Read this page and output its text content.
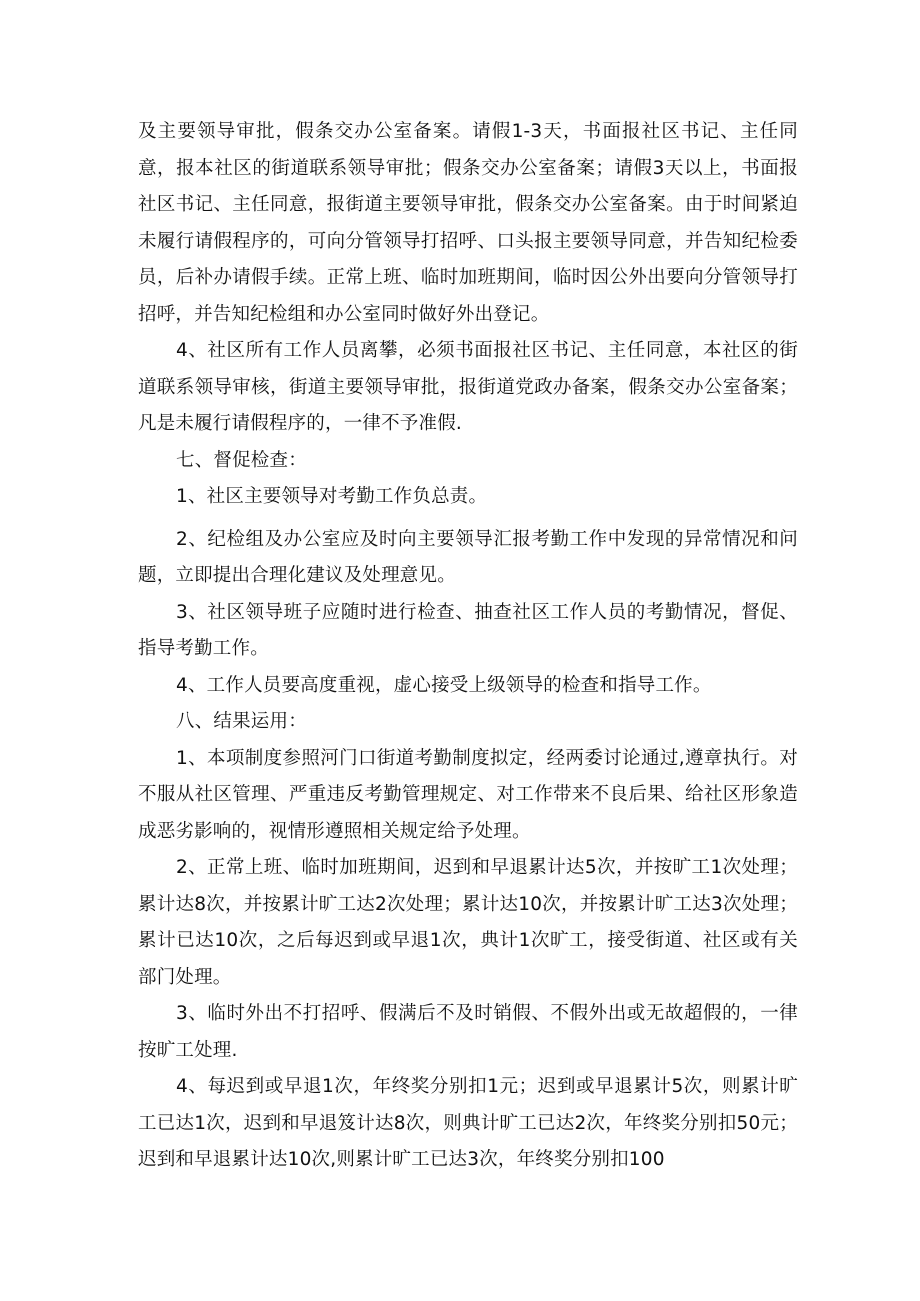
及主要领导审批，假条交办公室备案。请假1-3天，书面报社区书记、主任同意，报本社区的街道联系领导审批；假条交办公室备案；请假3天以上，书面报社区书记、主任同意，报街道主要领导审批，假条交办公室备案。由于时间紧迫未履行请假程序的，可向分管领导打招呼、口头报主要领导同意，并告知纪检委员，后补办请假手续。正常上班、临时加班期间，临时因公外出要向分管领导打招呼，并告知纪检组和办公室同时做好外出登记。

4、社区所有工作人员离攀，必须书面报社区书记、主任同意，本社区的街道联系领导审核，街道主要领导审批，报街道党政办备案，假条交办公室备案；凡是未履行请假程序的，一律不予准假.

七、督促检查：

1、社区主要领导对考勤工作负总责。

2、纪检组及办公室应及时向主要领导汇报考勤工作中发现的异常情况和问题，立即提出合理化建议及处理意见。

3、社区领导班子应随时进行检查、抽查社区工作人员的考勤情况，督促、指导考勤工作。

4、工作人员要高度重视，虚心接受上级领导的检查和指导工作。

八、结果运用：

1、本项制度参照河门口街道考勤制度拟定，经两委讨论通过,遵章执行。对不服从社区管理、严重违反考勤管理规定、对工作带来不良后果、给社区形象造成恶劣影响的，视情形遵照相关规定给予处理。

2、正常上班、临时加班期间，迟到和早退累计达5次，并按旷工1次处理；累计达8次，并按累计旷工达2次处理；累计达10次，并按累计旷工达3次处理；累计已达10次，之后每迟到或早退1次，典计1次旷工，接受街道、社区或有关部门处理。

3、临时外出不打招呼、假满后不及时销假、不假外出或无故超假的，一律按旷工处理.

4、每迟到或早退1次，年终奖分别扣1元；迟到或早退累计5次，则累计旷工已达1次，迟到和早退笈计达8次，则典计旷工已达2次，年终奖分别扣50元；迟到和早退累计达10次,则累计旷工已达3次，年终奖分别扣100
